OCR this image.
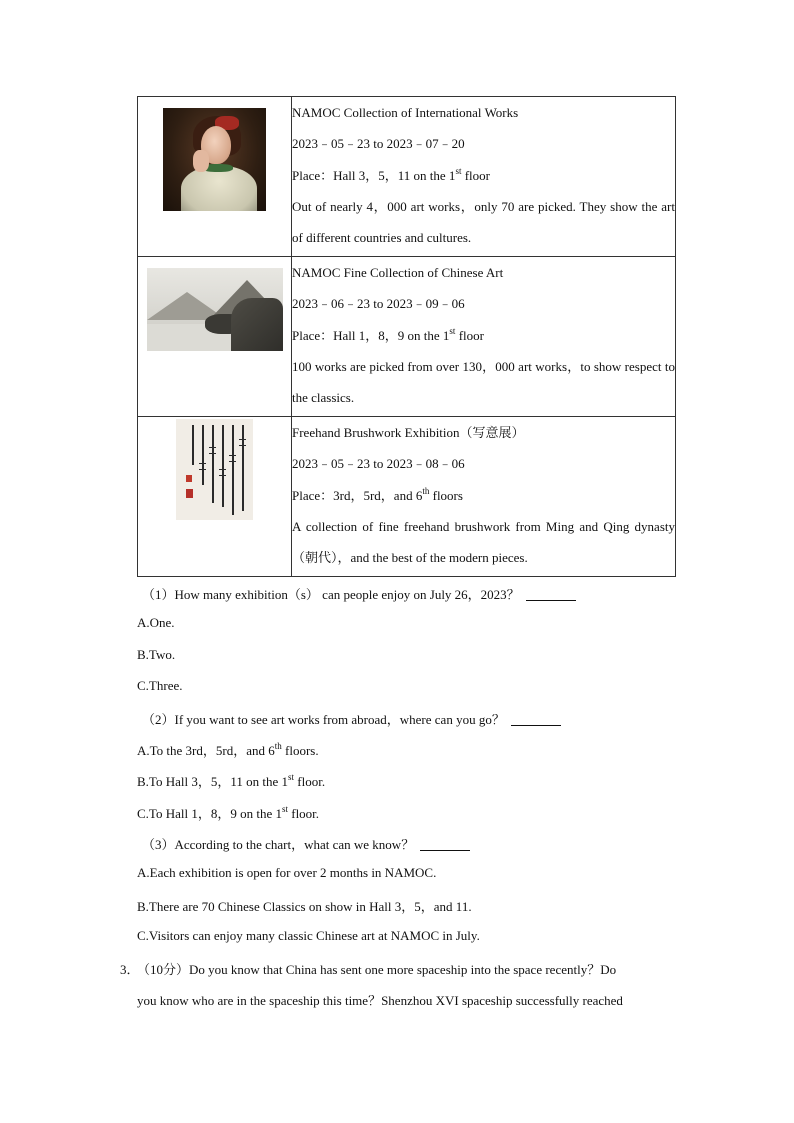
	NAMOC Collection of International Works
2023﹣05﹣23 to 2023﹣07﹣20
Place：Hall 3，5，11 on the 1st floor
Out of nearly 4，000 art works，only 70 are picked. They show the art of different countries and cultures.

	NAMOC Fine Collection of Chinese Art
2023﹣06﹣23 to 2023﹣09﹣06
Place：Hall 1，8，9 on the 1st floor
100 works are picked from over 130，000 art works，to show respect to the classics.

	Freehand Brushwork Exhibition（写意展）
2023﹣05﹣23 to 2023﹣08﹣06
Place：3rd，5rd，and 6th floors
A collection of fine freehand brushwork from Ming and Qing dynasty（朝代），and the best of the modern pieces.
（1）How many exhibition（s） can people enjoy on July 26，2023？
A.One.
B.Two.
C.Three.
（2）If you want to see art works from abroad，where can you go？
A.To the 3rd，5rd，and 6th floors.
B.To Hall 3，5，11 on the 1st floor.
C.To Hall 1，8，9 on the 1st floor.
（3）According to the chart，what can we know？
A.Each exhibition is open for over 2 months in NAMOC.
B.There are 70 Chinese Classics on show in Hall 3，5，and 11.
C.Visitors can enjoy many classic Chinese art at NAMOC in July.
3．（10分）Do you know that China has sent one more spaceship into the space recently？Do
you know who are in the spaceship this time？Shenzhou XVI spaceship successfully reached
